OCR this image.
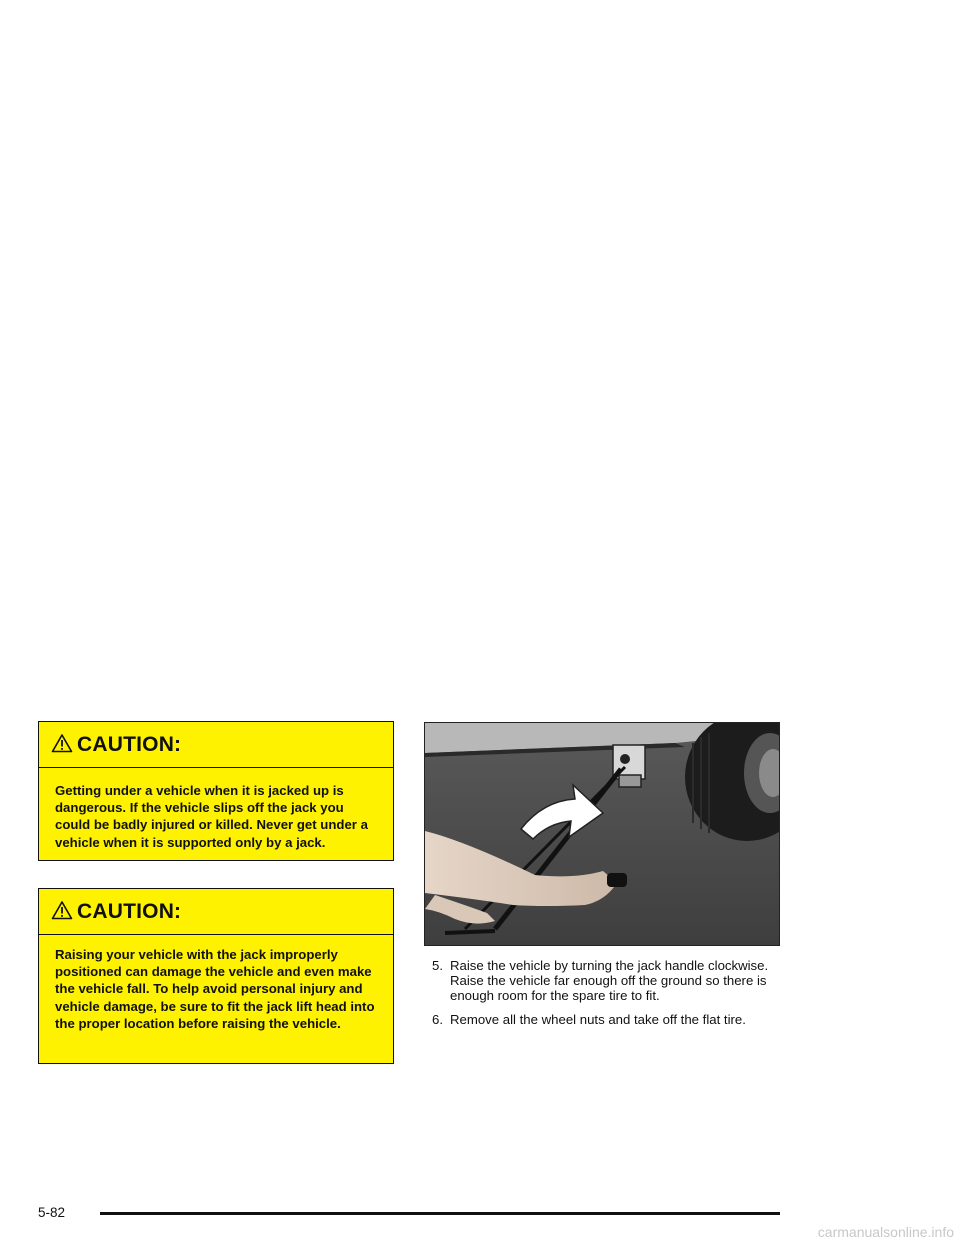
CAUTION:
Getting under a vehicle when it is jacked up is dangerous. If the vehicle slips off the jack you could be badly injured or killed. Never get under a vehicle when it is supported only by a jack.
CAUTION:
Raising your vehicle with the jack improperly positioned can damage the vehicle and even make the vehicle fall. To help avoid personal injury and vehicle damage, be sure to fit the jack lift head into the proper location before raising the vehicle.
5. Raise the vehicle by turning the jack handle clockwise. Raise the vehicle far enough off the ground so there is enough room for the spare tire to fit.
6. Remove all the wheel nuts and take off the flat tire.
5-82
carmanualsonline.info
